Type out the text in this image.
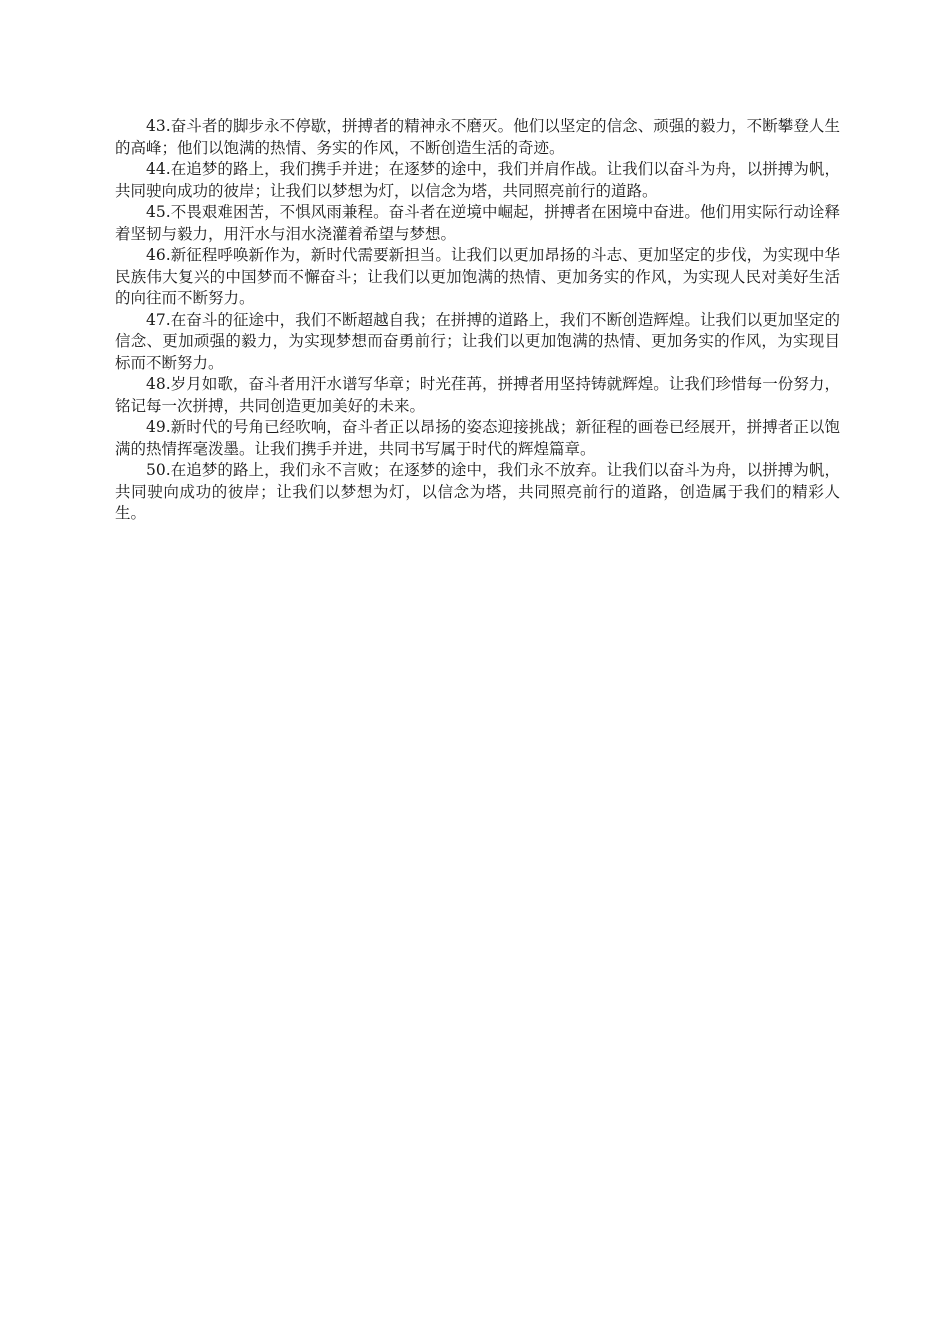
43.奋斗者的脚步永不停歇，拼搏者的精神永不磨灭。他们以坚定的信念、顽强的毅力，不断攀登人生的高峰；他们以饱满的热情、务实的作风，不断创造生活的奇迹。

44.在追梦的路上，我们携手并进；在逐梦的途中，我们并肩作战。让我们以奋斗为舟，以拼搏为帆，共同驶向成功的彼岸；让我们以梦想为灯，以信念为塔，共同照亮前行的道路。

45.不畏艰难困苦，不惧风雨兼程。奋斗者在逆境中崛起，拼搏者在困境中奋进。他们用实际行动诠释着坚韧与毅力，用汗水与泪水浇灌着希望与梦想。

46.新征程呼唤新作为，新时代需要新担当。让我们以更加昂扬的斗志、更加坚定的步伐，为实现中华民族伟大复兴的中国梦而不懈奋斗；让我们以更加饱满的热情、更加务实的作风，为实现人民对美好生活的向往而不断努力。

47.在奋斗的征途中，我们不断超越自我；在拼搏的道路上，我们不断创造辉煌。让我们以更加坚定的信念、更加顽强的毅力，为实现梦想而奋勇前行；让我们以更加饱满的热情、更加务实的作风，为实现目标而不断努力。

48.岁月如歌，奋斗者用汗水谱写华章；时光荏苒，拼搏者用坚持铸就辉煌。让我们珍惜每一份努力，铭记每一次拼搏，共同创造更加美好的未来。

49.新时代的号角已经吹响，奋斗者正以昂扬的姿态迎接挑战；新征程的画卷已经展开，拼搏者正以饱满的热情挥毫泼墨。让我们携手并进，共同书写属于时代的辉煌篇章。

50.在追梦的路上，我们永不言败；在逐梦的途中，我们永不放弃。让我们以奋斗为舟，以拼搏为帆，共同驶向成功的彼岸；让我们以梦想为灯，以信念为塔，共同照亮前行的道路，创造属于我们的精彩人生。
